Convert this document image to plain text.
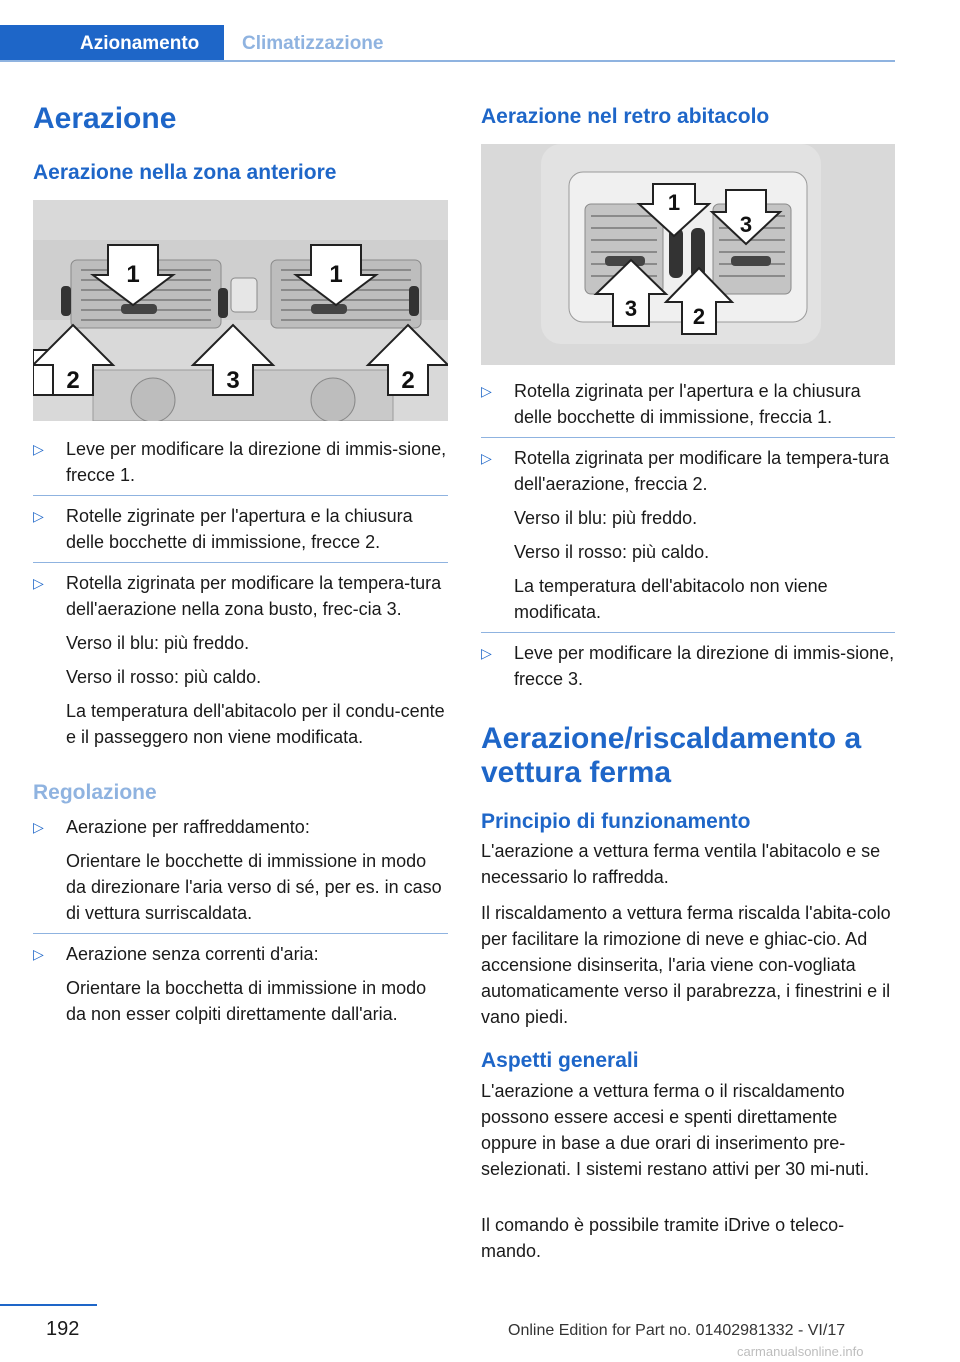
Azionamento	Climatizzazione
Aerazione
Aerazione nella zona anteriore
1	1
2	3	2
▷ Leve per modificare la direzione di immis-sione, frecce 1.
▷ Rotelle zigrinate per l'apertura e la chiusura delle bocchette di immissione, frecce 2.
▷ Rotella zigrinata per modificare la tempera-tura dell'aerazione nella zona busto, frec-cia 3.

Verso il blu: più freddo.

Verso il rosso: più caldo.

La temperatura dell'abitacolo per il condu-cente e il passeggero non viene modificata.

Regolazione
▷ Aerazione per raffreddamento:

Orientare le bocchette di immissione in modo da direzionare l'aria verso di sé, per es. in caso di vettura surriscaldata.

▷ Aerazione senza correnti d'aria:

Orientare la bocchetta di immissione in modo da non esser colpiti direttamente dall'aria.

Aerazione nel retro abitacolo
1
3
3	2
▷ Rotella zigrinata per l'apertura e la chiusura delle bocchette di immissione, freccia 1.
▷ Rotella zigrinata per modificare la tempera-tura dell'aerazione, freccia 2.

Verso il blu: più freddo.

Verso il rosso: più caldo.

La temperatura dell'abitacolo non viene modificata.

▷ Leve per modificare la direzione di immis-sione, frecce 3.
Aerazione/riscaldamento a vettura ferma
Principio di funzionamento

L'aerazione a vettura ferma ventila l'abitacolo e se necessario lo raffredda.

Il riscaldamento a vettura ferma riscalda l'abita-colo per facilitare la rimozione di neve e ghiac-cio. Ad accensione disinserita, l'aria viene con-vogliata automaticamente verso il parabrezza, i finestrini e il vano piedi.

Aspetti generali

L'aerazione a vettura ferma o il riscaldamento possono essere accesi e spenti direttamente oppure in base a due orari di inserimento pre-selezionati. I sistemi restano attivi per 30 mi-nuti.

Il comando è possibile tramite iDrive o teleco-mando.

192	Online Edition for Part no. 01402981332 - VI/17
carmanualsonline.info
